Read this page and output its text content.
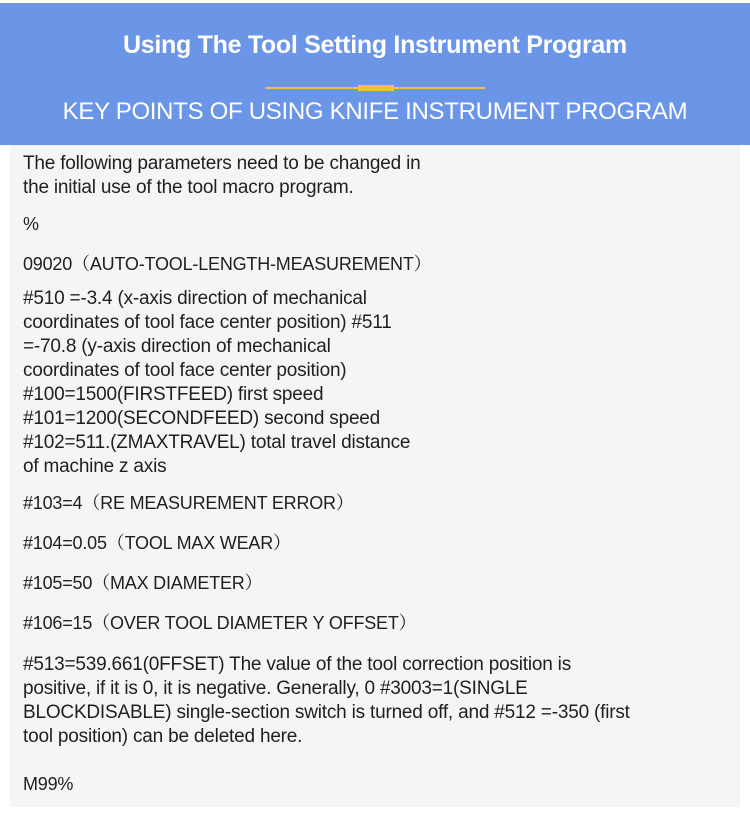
Using The Tool Setting Instrument Program
KEY POINTS OF USING KNIFE INSTRUMENT PROGRAM

The following parameters need to be changed in
the initial use of the tool macro program.

%

09020（AUTO-TOOL-LENGTH-MEASUREMENT）

#510 =-3.4 (x-axis direction of mechanical
coordinates of tool face center position) #511
=-70.8 (y-axis direction of mechanical
coordinates of tool face center position)
#100=1500(FIRSTFEED) first speed
#101=1200(SECONDFEED) second speed
#102=511.(ZMAXTRAVEL) total travel distance
of machine z axis

#103=4（RE MEASUREMENT ERROR）

#104=0.05（TOOL MAX WEAR）

#105=50（MAX DIAMETER）

#106=15（OVER TOOL DIAMETER Y OFFSET）

#513=539.661(0FFSET) The value of the tool correction position is
positive, if it is 0, it is negative. Generally, 0 #3003=1(SINGLE
BLOCKDISABLE) single-section switch is turned off, and #512 =-350 (first
tool position) can be deleted here.

M99%
